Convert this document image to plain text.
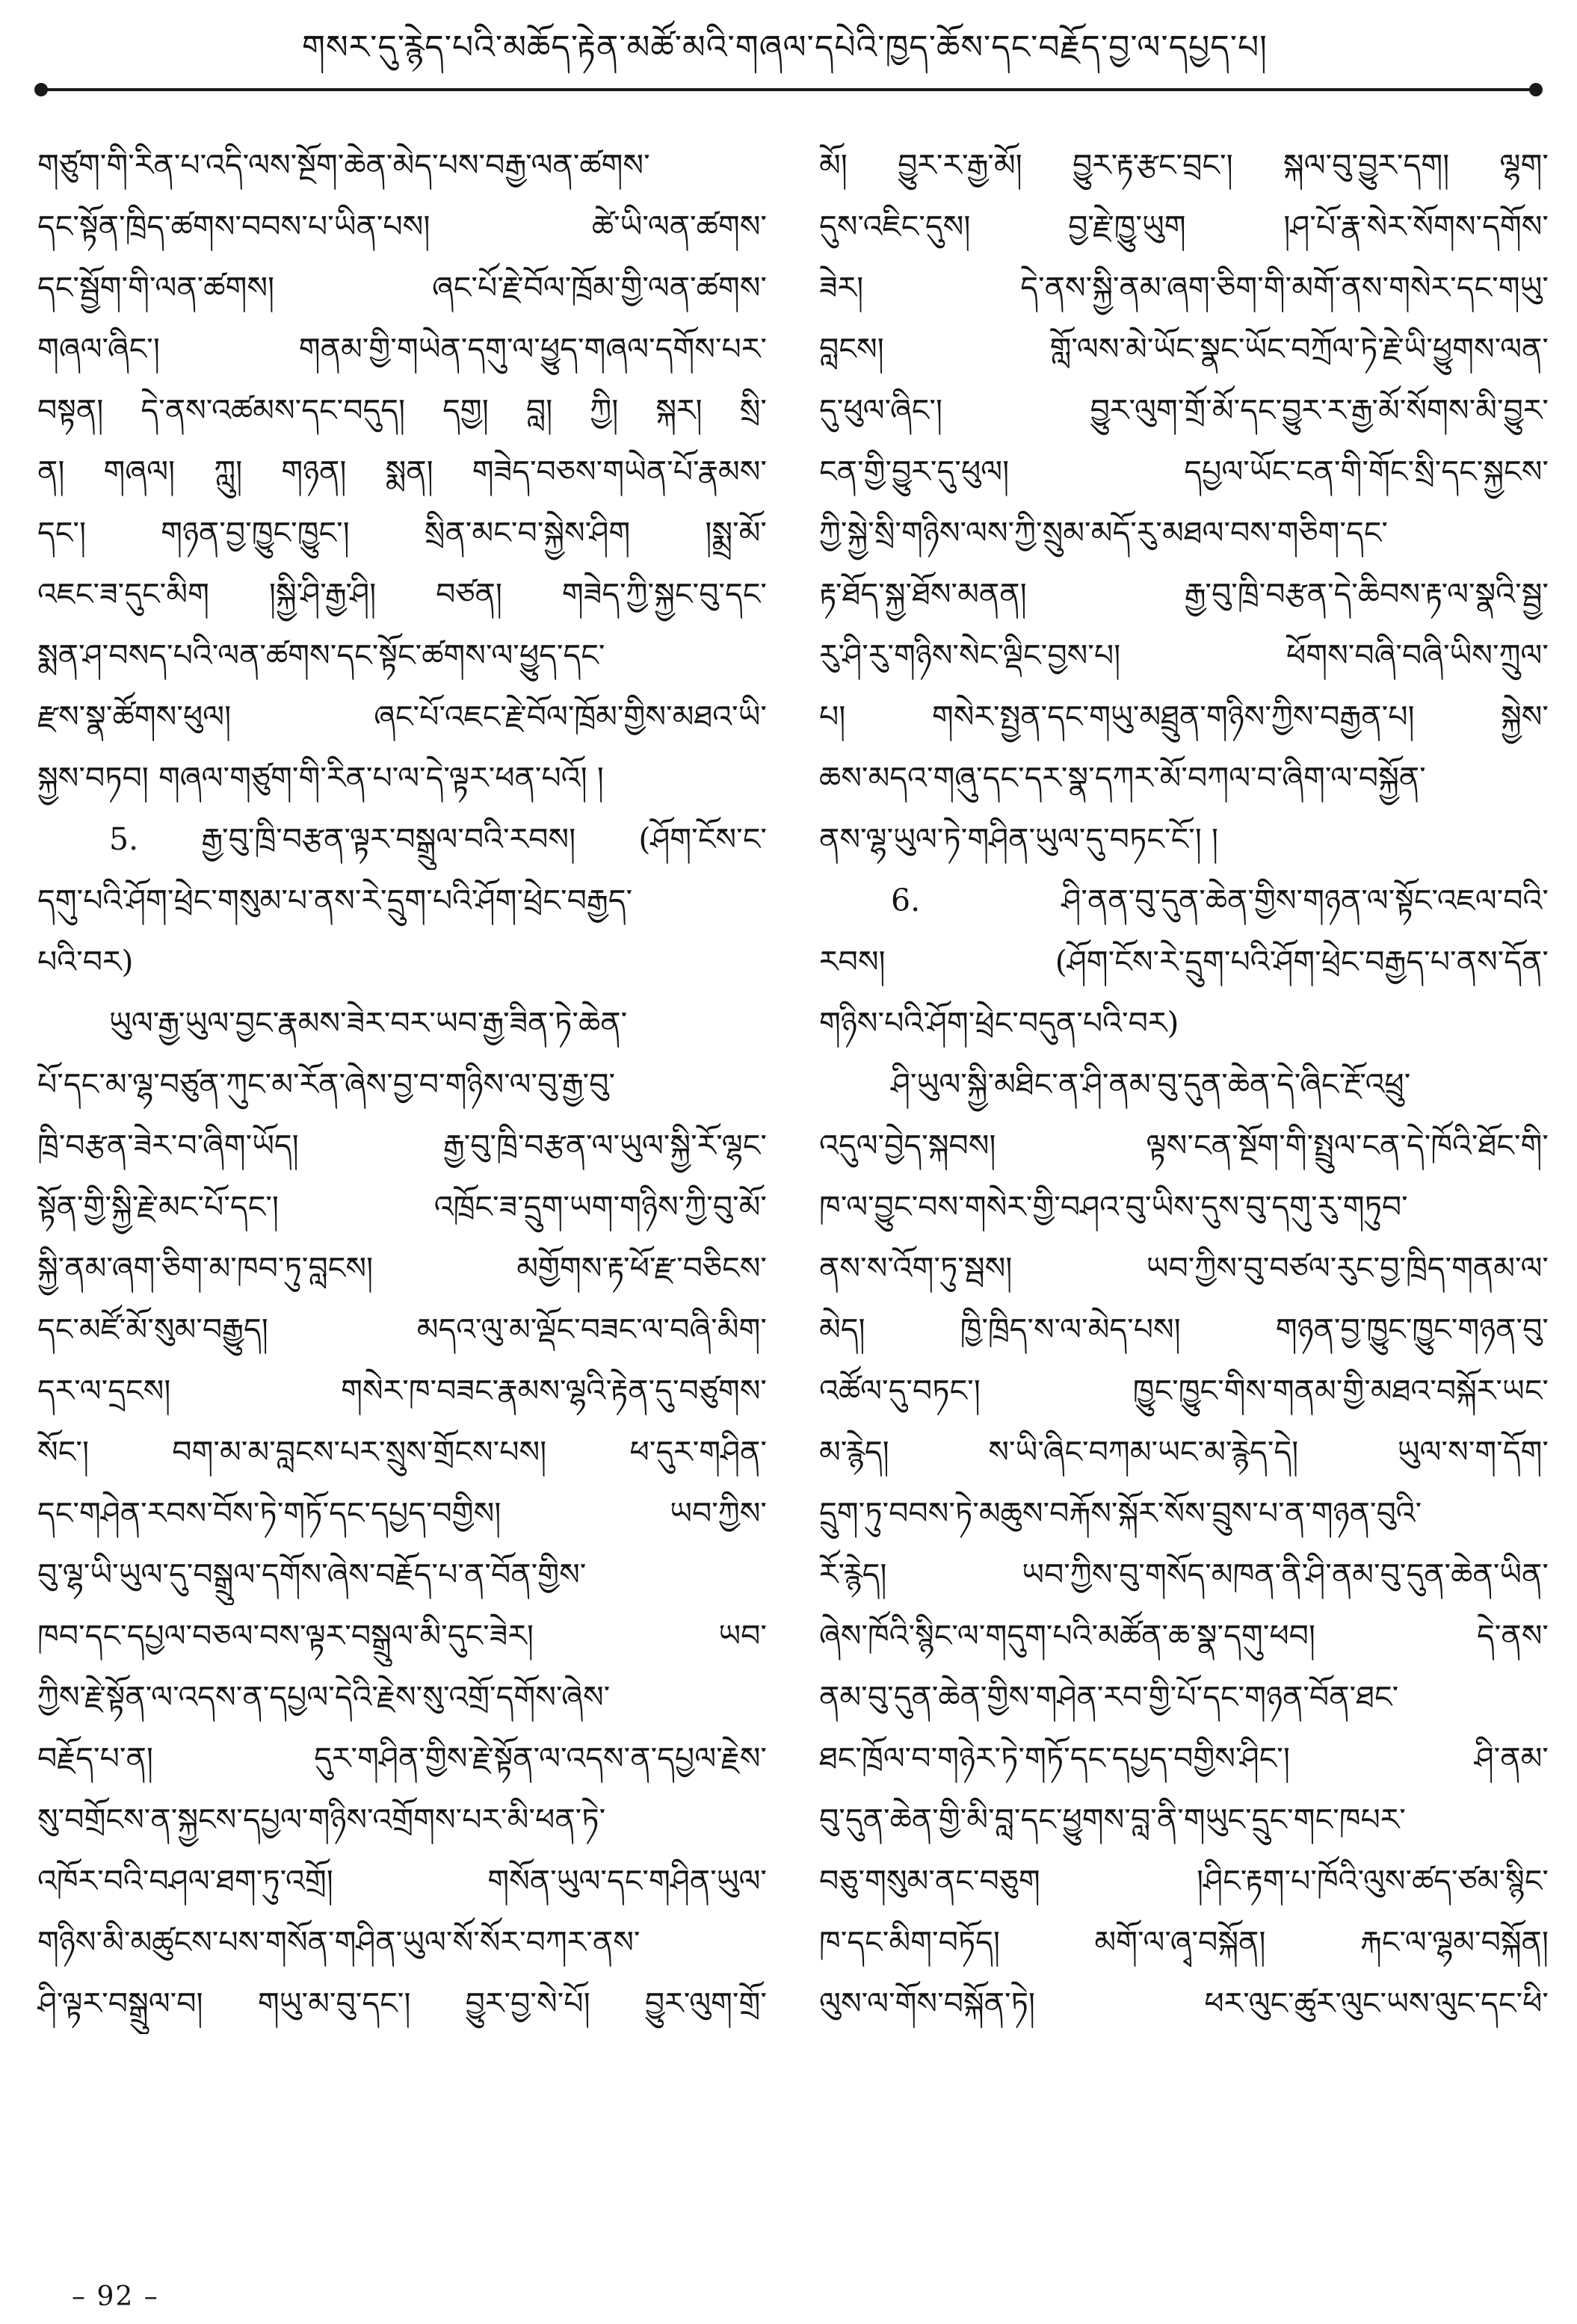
གསར་དུ་རྙེད་པའི་མཆོད་རྟེན་མཚོ་མའི་གཞལ་དཔེའི་ཁྱད་ཆོས་དང་བརྗོད་བྱ་ལ་དཔྱད་པ།
གཙུག་གི་རིན་པ་འདི་ལས་སྔོག་ཆེན་མེད་པས་བརྒྱ་ལན་ཚགས་
དང་སྟོན་ཁྲིད་ཚགས་བབས་པ་ཡིན་པས། ཚེ་ཡི་ལན་ཚགས་
དང་སྦྱོག་གི་ལན་ཚགས། ཞང་པོ་རྗེ་བོལ་ཁྲོམ་གྱི་ལན་ཚགས་
གཞལ་ཞིང་། གནམ་གྱི་གཡེན་དགུ་ལ་ཕྱུད་གཞལ་དགོས་པར་
བསྟན། དེ་ནས་འཚམས་དང་བདུད། དགྱ། བླ། ཀྱི། སྐར། སྲི་
ན། གཞལ། ཀླུ། གཉན། སྨན། གཟེད་བཅས་གཡེན་པོ་རྣམས་
དང་། གཉན་བྱ་ཁྱུང་ཁྱུང་། སྲིན་མང་བ་སྐྱེས་ཤིག །སྨྲ་མོ་
འཇང་ཟ་དུང་མིག །སྐྱི་ཤི་རྒྱ་ཤི། བཙན། གཟེད་ཀྱི་སྐྱང་བུ་དང་
སྨན་ཤ་བསད་པའི་ལན་ཚགས་དང་སྟོང་ཚགས་ལ་ཕྱུད་དང་
རྫས་སྣ་ཚོགས་ཕུལ། ཞང་པོ་འཇང་རྗེ་བོལ་ཁྲོམ་གྱིས་མཐའ་ཡི་
སྐྱས་བཏབ། གཞལ་གཙུག་གི་རིན་པ་ལ་དེ་ལྟར་ཕན་པའོ། །
5. རྒྱ་བུ་ཁྲི་བརྩན་ལྟར་བསྒྲུལ་བའི་རབས། (ཤོག་ངོས་ང་
དགུ་པའི་ཤོག་ཕྲེང་གསུམ་པ་ནས་རེ་དྲུག་པའི་ཤོག་ཕྲེང་བརྒྱད་
པའི་བར)
ཡུལ་རྒྱ་ཡུལ་བྱང་རྣམས་ཟེར་བར་ཡབ་རྒྱ་ཟིན་ཏེ་ཆེན་
པོ་དང་མ་ལྷ་བཙུན་ཀུང་མ་རོན་ཞེས་བྱ་བ་གཉིས་ལ་བུ་རྒྱ་བུ་
ཁྲི་བརྩན་ཟེར་བ་ཞིག་ཡོད། རྒྱ་བུ་ཁྲི་བརྩན་ལ་ཡུལ་སྐྱི་རོ་ལྷང་
སྟོན་གྱི་སྐྱི་རྗེ་མང་པོ་དང་། འཁྲོང་ཟ་དྲུག་ཡག་གཉིས་ཀྱི་བུ་མོ་
སྐྱི་ནམ་ཞག་ཅིག་མ་ཁབ་ཏུ་བླངས། མགྱོགས་རྟ་ཕོ་རྫ་བཅིངས་
དང་མཛོ་མོ་སུམ་བརྒྱུད། མདའ་ལུ་མ་ལྡོང་བཟང་ལ་བཞི་མིག་
དར་ལ་དྲངས། གསེར་ཁ་བཟང་རྣམས་ལྷའི་རྟེན་དུ་བཙུགས་
སོང་། བག་མ་མ་བླངས་པར་སྲུས་གྲོངས་པས། ཕ་དུར་གཤིན་
དང་གཤེན་རབས་བོས་ཏེ་གཏོ་དང་དཔྱད་བགྱིས། ཡབ་ཀྱིས་
བུ་ལྷ་ཡི་ཡུལ་དུ་བསྒྲུལ་དགོས་ཞེས་བརྗོད་པ་ན་བོན་གྱིས་
ཁབ་དང་དཔྱལ་བཅལ་བས་ལྟར་བསྒྲུལ་མི་དུང་ཟེར། ཡབ་
ཀྱིས་རྗེ་སྟོན་ལ་འདས་ན་དཔྱལ་དེའི་རྗེས་སུ་འགྲོ་དགོས་ཞེས་
བརྗོད་པ་ན། དུར་གཤིན་གྱིས་རྗེ་སྟོན་ལ་འདས་ན་དཔྱལ་རྗེས་
སུ་བགྲོངས་ན་སྐྱངས་དཔྱལ་གཉིས་འགྲོགས་པར་མི་ཕན་ཏེ་
འཁོར་བའི་བཤལ་ཐག་ཏུ་འགྲོ། གསོན་ཡུལ་དང་གཤིན་ཡུལ་
གཉིས་མི་མཚུངས་པས་གསོན་གཤིན་ཡུལ་སོ་སོར་བཀར་ནས་
ཤི་ལྟར་བསྒྲུལ་བ། གཡུ་མ་བུ་དང་། བྱུར་བྱ་སེ་པོ། བྱུར་ལུག་གྲོ་
མོ། བྱུར་ར་རྒྱ་མོ། བྱུར་རྟ་རྩང་བྲང་། སྐལ་བུ་བྱུར་དག། ལྷག་
དུས་འཇིང་དུས། བྱ་རྗེ་ཁྱུ་ཡུག །ཤ་པོ་རྣ་སེར་སོགས་དགོས་
ཟེར། དེ་ནས་སྐྱི་ནམ་ཞག་ཅིག་གི་མགོ་ནས་གསེར་དང་གཡུ་
བླངས། གློ་ལས་མེ་ཡོང་སྣང་ཡོང་བཀྲོལ་ཏེ་རྗེ་ཡི་ཕྱུགས་ལན་
དུ་ཕུལ་ཞིང་། བྱུར་ལུག་གྲོ་མོ་དང་བྱུར་ར་རྒྱ་མོ་སོགས་མི་བྱུར་
ངན་གྱི་བྱུར་དུ་ཕུལ། དཔྱལ་ཡོང་ངན་གི་གོང་སྲི་དང་སྐྱངས་
ཀྱི་སྐྱེ་སྲི་གཉིས་ལས་ཀྱི་སྲུམ་མདོ་རུ་མཐལ་བས་གཅིག་དང་
རྟ་ཐོད་སྐྱ་ཐོས་མནན། རྒྱ་བུ་ཁྲི་བརྩན་དེ་ཆིབས་རྟ་ལ་སྣའི་སྦྱ་
རུ་ཤི་རུ་གཉིས་སེང་ལྡིང་བྱས་པ། ཕོགས་བཞི་བཞི་ཡིས་ཀྲུལ་
པ། གསེར་སྤྱན་དང་གཡུ་མཐྲུན་གཉིས་ཀྱིས་བརྒྱན་པ། སྐྱེས་
ཆས་མདའ་གཞུ་དང་དར་སྣ་དཀར་མོ་བཀལ་བ་ཞིག་ལ་བསྐྱོན་
ནས་ལྷ་ཡུལ་ཏེ་གཤིན་ཡུལ་དུ་བཏང་ངོ་། །
6. ཤི་ནན་བུ་དུན་ཆེན་གྱིས་གཉན་ལ་སྟོང་འཇལ་བའི་
རབས། (ཤོག་ངོས་རེ་དྲུག་པའི་ཤོག་ཕྲེང་བརྒྱད་པ་ནས་དོན་
གཉིས་པའི་ཤོག་ཕྲེང་བདུན་པའི་བར)
ཤི་ཡུལ་སྐྱི་མཐིང་ན་ཤི་ནམ་བུ་དུན་ཆེན་དེ་ཞིང་རྔོ་འཕྲུ་
འདུལ་བྱེད་སྐབས། ལྟས་ངན་སྔོག་གི་སྤྲུལ་ངན་དེ་ཁོའི་ཐོང་གི་
ཁ་ལ་བྱུང་བས་གསེར་གྱི་བཤའ་བུ་ཡིས་དུས་བུ་དགུ་རུ་གཏུབ་
ནས་ས་འོག་ཏུ་སྦས། ཡབ་ཀྱིས་བུ་བཙལ་རུང་བྱ་ཁྲིད་གནམ་ལ་
མེད། ཁྱི་ཁྲིད་ས་ལ་མེད་པས། གཉན་བྱ་ཁྱུང་ཁྱུང་གཉན་བུ་
འཚོལ་དུ་བཏང་། ཁྱུང་ཁྱུང་གིས་གནམ་གྱི་མཐའ་བསྐོར་ཡང་
མ་རྙེད། ས་ཡི་ཞིང་བཀམ་ཡང་མ་རྙེད་དེ། ཡུལ་ས་ག་དོག་
དྲུག་ཏུ་བབས་ཏེ་མཆུས་བརྐོས་སྐོར་སོས་བྲུས་པ་ན་གཉན་བུའི་
རོ་རྙེད། ཡབ་ཀྱིས་བུ་གསོད་མཁན་ནི་ཤི་ནམ་བུ་དུན་ཆེན་ཡིན་
ཞེས་ཁོའི་སྙིང་ལ་གདུག་པའི་མཚོན་ཆ་སྣ་དགུ་ཕབ། དེ་ནས་
ནམ་བུ་དུན་ཆེན་གྱིས་གཤེན་རབ་གྱི་པོ་དང་གཉན་བོན་ཐང་
ཐང་ཁྲོལ་བ་གཉེར་ཏེ་གཏོ་དང་དཔྱད་བགྱིས་ཤིང་། ཤི་ནམ་
བུ་དུན་ཆེན་གྱི་མི་བླ་དང་ཕྱུགས་བླ་ནི་གཡུང་དྲུང་གང་ཁཔར་
བཅུ་གསུམ་ནང་བཅུག །ཤིང་རྟག་པ་ཁོའི་ལུས་ཚད་ཙམ་སྙིང་
ཁ་དང་མིག་བཏོད། མགོ་ལ་ཞྭ་བསྐོན། རྐང་ལ་ལྷམ་བསྐོན།
ལུས་ལ་གོས་བསྐོན་ཏེ། ཕར་ལུང་ཚུར་ལུང་ཡས་ལུང་དང་ཕི་
– 92 –
